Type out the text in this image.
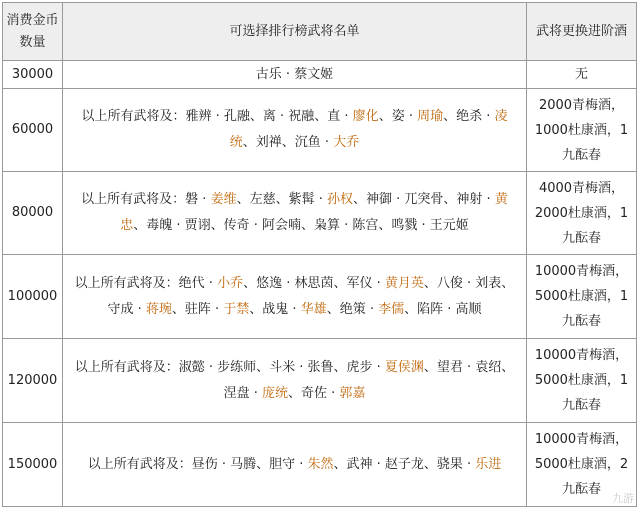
消费金币数量	可选择排行榜武将名单	武将更换进阶酒
30000	古乐 · 蔡文姬	无
60000	以上所有武将及：雅辨 · 孔融、离 · 祝融、直 · 廖化、姿 · 周瑜、绝杀 · 凌统、刘禅、沉鱼 · 大乔	2000青梅酒，1000杜康酒，1九酝春
80000	以上所有武将及：磐 · 姜维、左慈、紫髯 · 孙权、神御 · 兀突骨、神射 · 黄忠、毒魄 · 贾诩、传奇 · 阿会喃、枭算 · 陈宫、鸣戮 · 王元姬	4000青梅酒，2000杜康酒，1九酝春
100000	以上所有武将及：绝代 · 小乔、悠逸 · 林思茵、军仪 · 黄月英、八俊 · 刘表、守成 · 蒋琬、驻阵 · 于禁、战鬼 · 华雄、绝策 · 李儒、陷阵 · 高顺	10000青梅酒，5000杜康酒，1九酝春
120000	以上所有武将及：淑懿 · 步练师、斗米 · 张鲁、虎步 · 夏侯渊、望君 · 袁绍、涅盘 · 庞统、奇佐 · 郭嘉	10000青梅酒，5000杜康酒，1九酝春
150000	以上所有武将及：昼伤 · 马腾、胆守 · 朱然、武神 · 赵子龙、骁果 · 乐进	10000青梅酒，5000杜康酒，2九酝春
九游
